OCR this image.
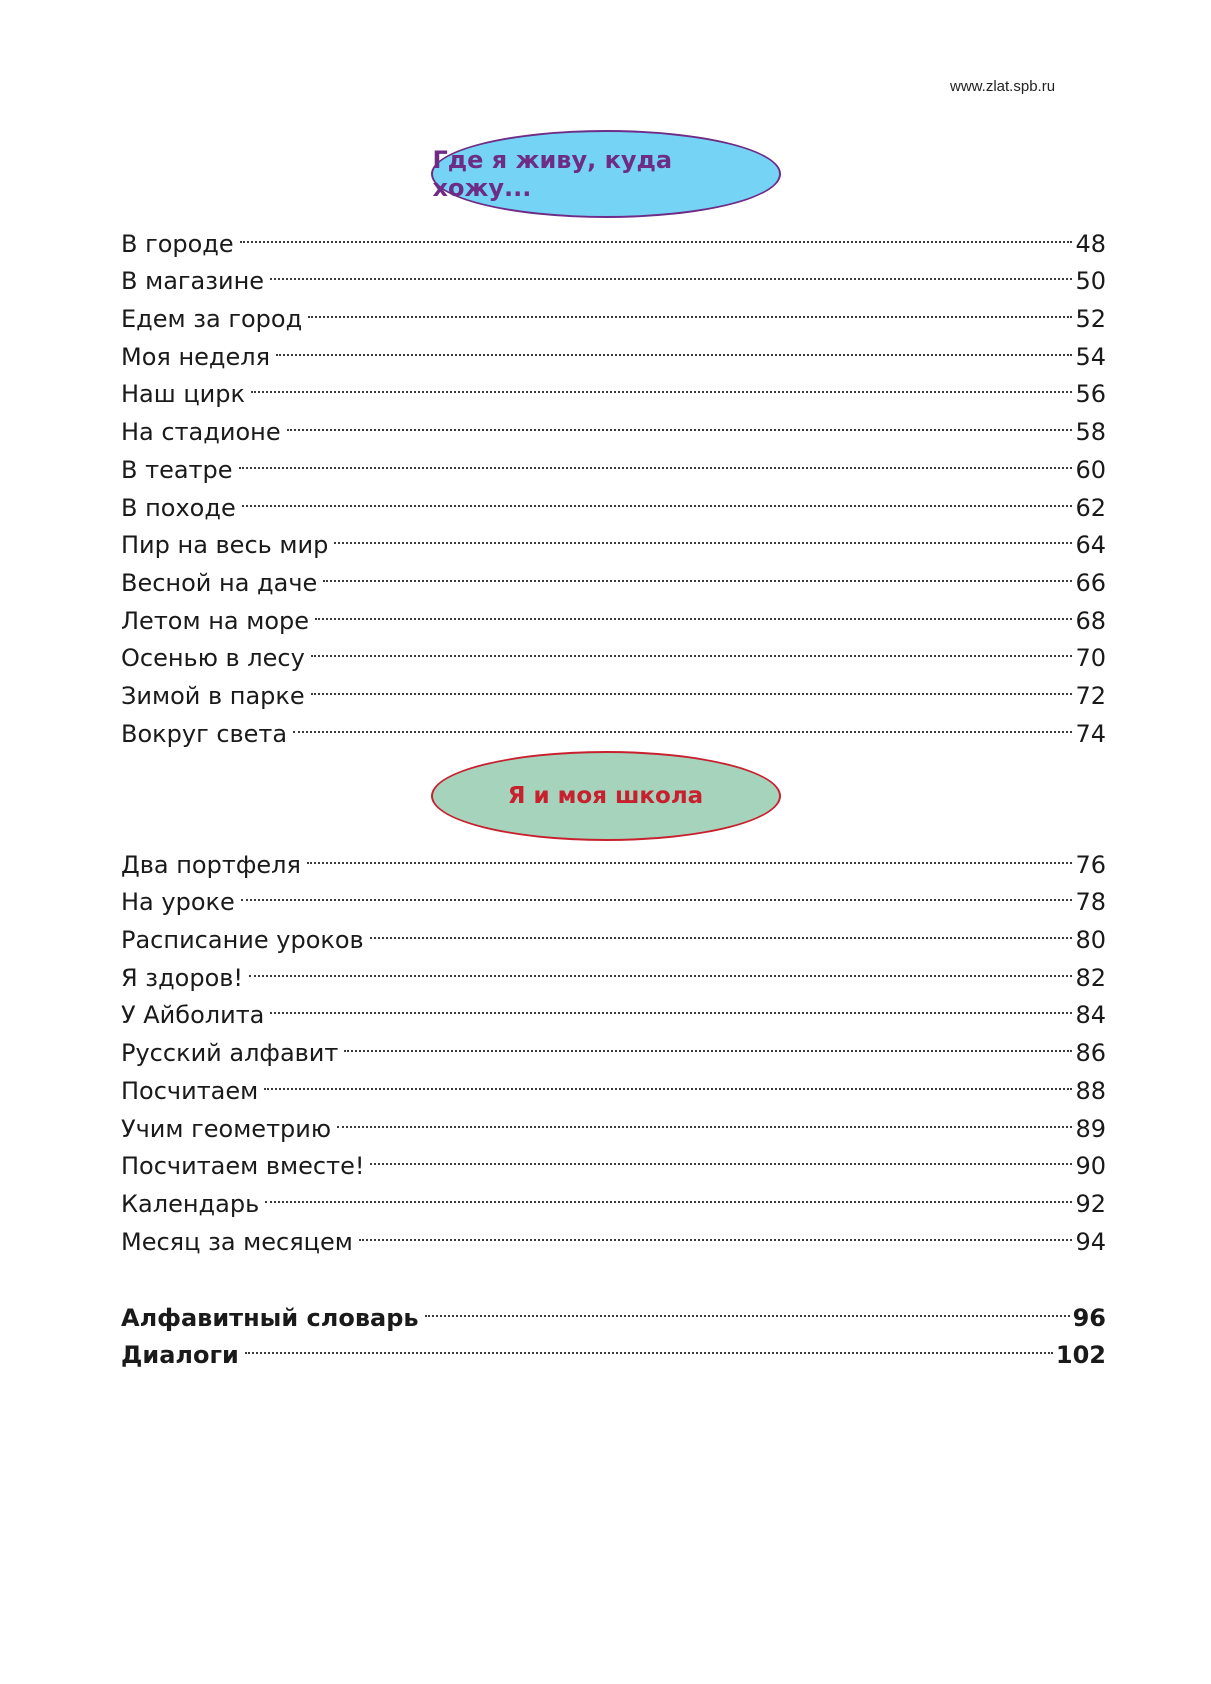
www.zlat.spb.ru
Где я живу, куда хожу...
В городе	48
В магазине	50
Едем за город	52
Моя неделя	54
Наш цирк	56
На стадионе	58
В театре	60
В походе	62
Пир на весь мир	64
Весной на даче	66
Летом на море	68
Осенью в лесу	70
Зимой в парке	72
Вокруг света	74
Я и моя школа
Два портфеля	76
На уроке	78
Расписание уроков	80
Я здоров!	82
У Айболита	84
Русский алфавит	86
Посчитаем	88
Учим геометрию	89
Посчитаем вместе!	90
Календарь	92
Месяц за месяцем	94
Алфавитный словарь	96
Диалоги	102
